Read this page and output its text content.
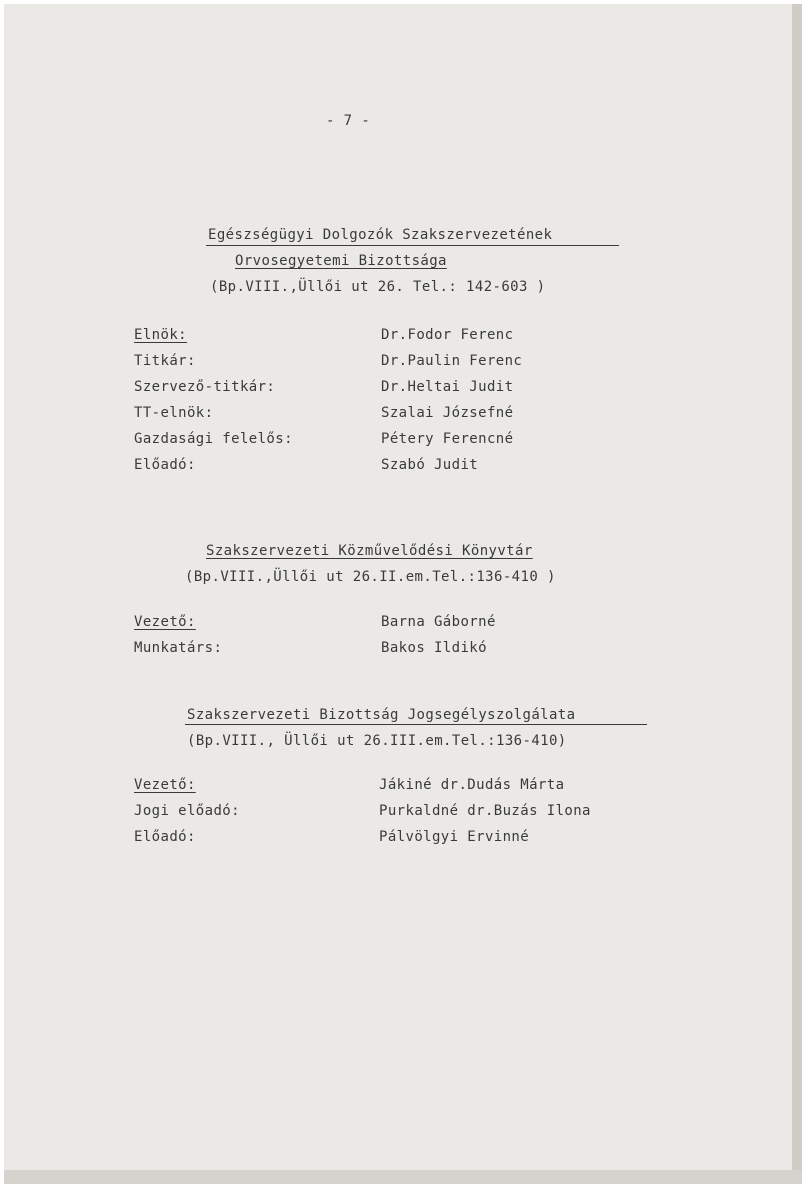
- 7 -
Egészségügyi Dolgozók Szakszervezetének
Orvosegyetemi Bizottsága
(Bp.VIII.,Üllői ut 26. Tel.: 142-603 )
Elnök:	Dr.Fodor Ferenc
Titkár:	Dr.Paulin Ferenc
Szervező-titkár:	Dr.Heltai Judit
TT-elnök:	Szalai Józsefné
Gazdasági felelős:	Pétery Ferencné
Előadó:	Szabó Judit
Szakszervezeti Közművelődési Könyvtár
(Bp.VIII.,Üllői ut 26.II.em.Tel.:136-410 )
Vezető:	Barna Gáborné
Munkatárs:	Bakos Ildikó
Szakszervezeti Bizottság Jogsegélyszolgálata
(Bp.VIII., Üllői ut 26.III.em.Tel.:136-410)
Vezető:	Jákiné dr.Dudás Márta
Jogi előadó:	Purkaldné dr.Buzás Ilona
Előadó:	Pálvölgyi Ervinné
